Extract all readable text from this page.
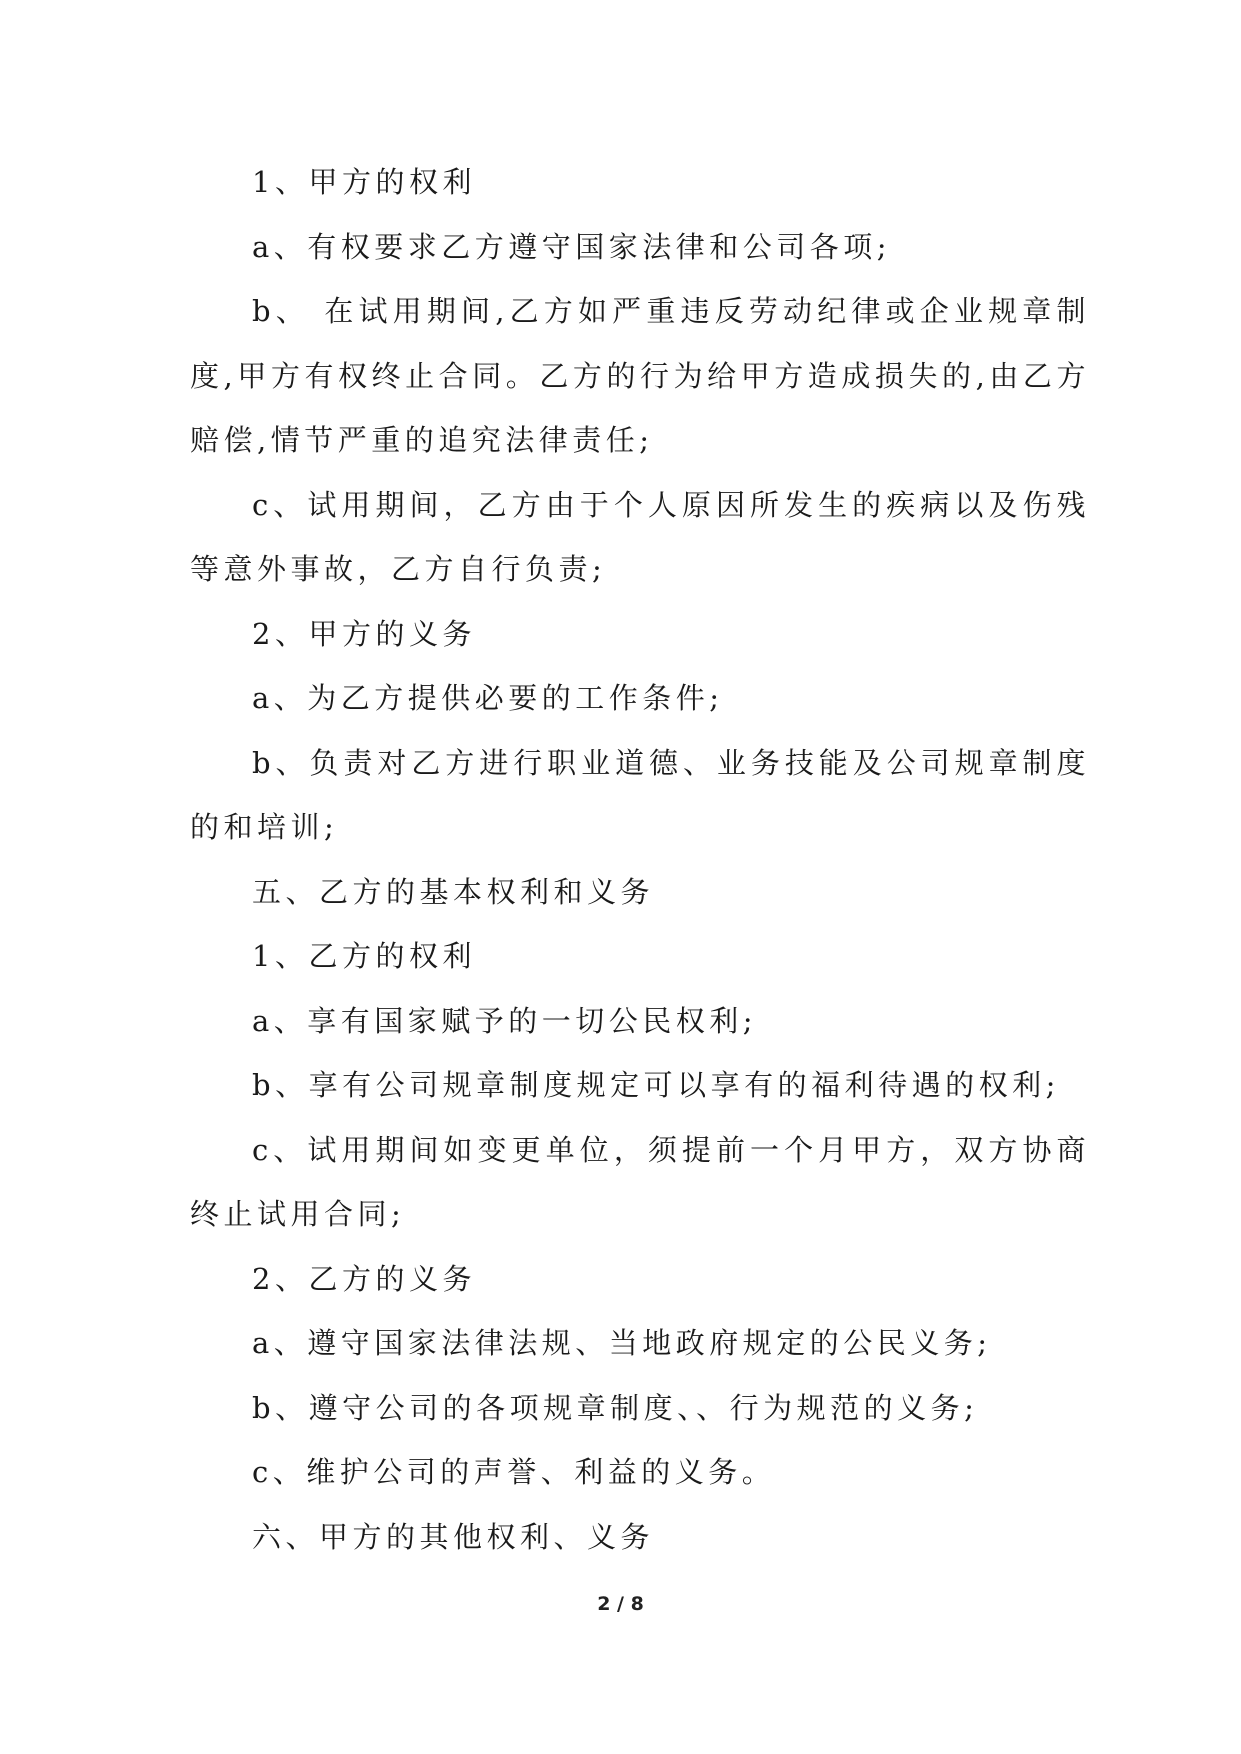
1、甲方的权利

a、有权要求乙方遵守国家法律和公司各项;

b、 在试用期间,乙方如严重违反劳动纪律或企业规章制度,甲方有权终止合同。乙方的行为给甲方造成损失的,由乙方赔偿,情节严重的追究法律责任;

c、试用期间，乙方由于个人原因所发生的疾病以及伤残等意外事故，乙方自行负责;

2、甲方的义务

a、为乙方提供必要的工作条件;

b、负责对乙方进行职业道德、业务技能及公司规章制度的和培训;

五、乙方的基本权利和义务

1、乙方的权利

a、享有国家赋予的一切公民权利;

b、享有公司规章制度规定可以享有的福利待遇的权利;

c、试用期间如变更单位，须提前一个月甲方，双方协商终止试用合同;

2、乙方的义务

a、遵守国家法律法规、当地政府规定的公民义务;

b、遵守公司的各项规章制度、、行为规范的义务;

c、维护公司的声誉、利益的义务。

六、甲方的其他权利、义务

2 / 8
